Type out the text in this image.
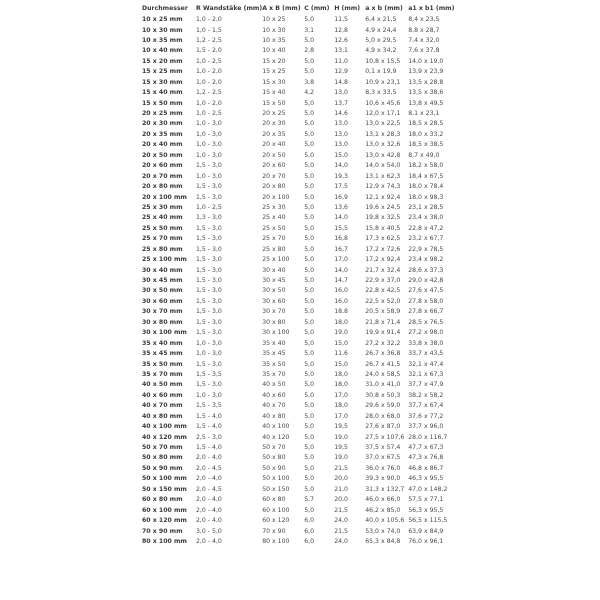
Durchmesser	R Wandstäke (mm)	A x B (mm)	C (mm)	H (mm)	a x b (mm)	a1 x b1 (mm)
10 x 25 mm	1,0 - 2,0	10 x 25	5,0	11,5	6,4 x 21,5	8,4 x 23,5
10 x 30 mm	1,0 - 1,5	10 x 30	3,1	12,8	4,9 x 24,4	8,8 x 28,7
10 x 35 mm	1,2 - 2,5	10 x 35	5,0	12,6	5,0 x 29,5	7,4 x 32,0
10 x 40 mm	1,5 - 2,0	10 x 40	2,8	13,1	4,9 x 34,2	7,6 x 37,8
15 x 20 mm	1,0 - 2,5	15 x 20	5,0	11,0	10,8 x 15,5	14,0 x 19,0
15 x 25 mm	1,0 - 2,0	15 x 25	5,0	12,9	0,1 x 19,9	13,9 x 23,9
15 x 30 mm	1,0 - 2,0	15 x 30	3,8	14,8	10,9 x 23,1	13,5 x 28,8
15 x 40 mm	1,2 - 2,5	15 x 40	4,2	13,0	8,3 x 33,5	13,5 x 38,6
15 x 50 mm	1,0 - 2,0	15 x 50	5,0	13,7	10,6 x 45,6	13,8 x 49,5
20 x 25 mm	1,0 - 2,5	20 x 25	5,0	14,6	12,0 x 17,1	8,1 x 23,1
20 x 30 mm	1,0 - 3,0	20 x 30	5,0	13,0	13,0 x 22,5	18,5 x 28,5
20 x 35 mm	1,0 - 3,0	20 x 35	5,0	13,0	13,1 x 28,3	18,0 x 33,2
20 x 40 mm	1,0 - 3,0	20 x 40	5,0	13,0	13,0 x 32,6	18,5 x 38,5
20 x 50 mm	1,0 - 3,0	20 x 50	5,0	15,0	13,0 x 42,8	8,7 x 49,0
20 x 60 mm	1,5 - 3,0	20 x 60	5,0	14,0	14,0 x 54,0	18,2 x 58,0
20 x 70 mm	1,0 - 3,0	20 x 70	5,0	19,3	13,1 x 62,3	18,4 x 67,5
20 x 80 mm	1,5 - 3,0	20 x 80	5,0	17,5	12,9 x 74,3	18,0 x 78,4
20 x 100 mm	1,5 - 3,0	20 x 100	5,0	16,9	12,1 x 92,4	18,0 x 98,3
25 x 30 mm	1,0 - 2,5	25 x 30	5,0	13,6	19,6 x 24,5	23,1 x 28,5
25 x 40 mm	1,3 - 3,0	25 x 40	5,0	14,0	19,8 x 32,5	23,4 x 38,0
25 x 50 mm	1,5 - 3,0	25 x 50	5,0	15,5	15,8 x 40,5	22,8 x 47,2
25 x 70 mm	1,5 - 3,0	25 x 70	5,0	16,8	17,3 x 62,5	23,2 x 67,7
25 x 80 mm	1,5 - 3,0	25 x 80	5,0	16,7	17,2 x 72,6	22,9 x 78,5
25 x 100 mm	1,5 - 3,0	25 x 100	5,0	17,0	17,2 x 92,4	23,4 x 98,2
30 x 40 mm	1,5 - 3,0	30 x 40	5,0	14,0	21,7 x 32,4	28,6 x 37,3
30 x 45 mm	1,5 - 3,0	30 x 45	5,0	14,7	22,9 x 37,0	29,0 x 42,8
30 x 50 mm	1,5 - 3,0	30 x 50	5,0	16,0	22,8 x 42,5	27,6 x 47,5
30 x 60 mm	1,5 - 3,0	30 x 60	5,0	16,0	22,5 x 52,0	27,8 x 58,0
30 x 70 mm	1,5 - 3,0	30 x 70	5,0	18,8	20,5 x 58,9	27,8 x 66,7
30 x 80 mm	1,5 - 3,0	30 x 80	5,0	18,0	21,8 x 71,4	28,5 x 76,5
30 x 100 mm	1,5 - 3,0	30 x 100	5,0	19,0	19,9 x 91,4	27,2 x 98,0
35 x 40 mm	1,0 - 3,0	35 x 40	5,0	15,0	27,2 x 32,2	33,8 x 38,0
35 x 45 mm	1,0 - 3,0	35 x 45	5,0	11,6	26,7 x 36,8	33,7 x 43,5
35 x 50 mm	1,5 - 3,0	35 x 50	5,0	15,0	26,7 x 41,5	32,1 x 47,4
35 x 70 mm	1,5 - 3,5	35 x 70	5,0	18,0	24,0 x 58,5	32,1 x 67,3
40 x 50 mm	1,5 - 3,0	40 x 50	5,0	18,0	31,0 x 41,0	37,7 x 47,9
40 x 60 mm	1,0 - 3,0	40 x 60	5,0	17,0	30,8 x 50,3	38,2 x 58,2
40 x 70 mm	1,5 - 3,5	40 x 70	5,0	18,0	29,6 x 59,0	37,7 x 67,4
40 x 80 mm	1,5 - 4,0	40 x 80	5,0	17,0	28,0 x 68,0	37,6 x 77,2
40 x 100 mm	1,5 - 4,0	40 x 100	5,0	19,5	27,6 x 87,0	37,7 x 96,0
40 x 120 mm	2,5 - 3,0	40 x 120	5,0	19,0	27,5 x 107,6	28,0 x 116,7
50 x 70 mm	1,5 - 4,0	50 x 70	5,0	19,5	37,5 x 57,4	47,7 x 67,3
50 x 80 mm	2,0 - 4,0	50 x 80	5,0	19,0	37,0 x 67,5	47,3 x 76,8
50 x 90 mm	2,0 - 4,5	50 x 90	5,0	21,5	36,0 x 76,0	46,8 x 86,7
50 x 100 mm	2,0 - 4,0	50 x 100	5,0	20,0	39,3 x 90,0	46,3 x 95,5
50 x 150 mm	2,0 - 4,5	50 x 150	5,0	21,0	31,3 x 132,7	47,0 x 148,2
60 x 80 mm	2,0 - 4,0	60 x 80	5,7	20,0	46,0 x 66,0	57,5 x 77,1
60 x 100 mm	2,0 - 4,0	60 x 100	5,0	21,5	46,2 x 85,0	56,3 x 95,5
60 x 120 mm	2,0 - 4,0	60 x 120	6,0	24,0	40,0 x 105,6	56,5 x 115,5
70 x 90 mm	3,0 - 5,0	70 x 90	6,0	21,5	53,0 x 74,0	63,9 x 84,9
80 x 100 mm	2,0 - 4,0	80 x 100	6,0	24,0	65,3 x 84,8	76,0 x 96,1
